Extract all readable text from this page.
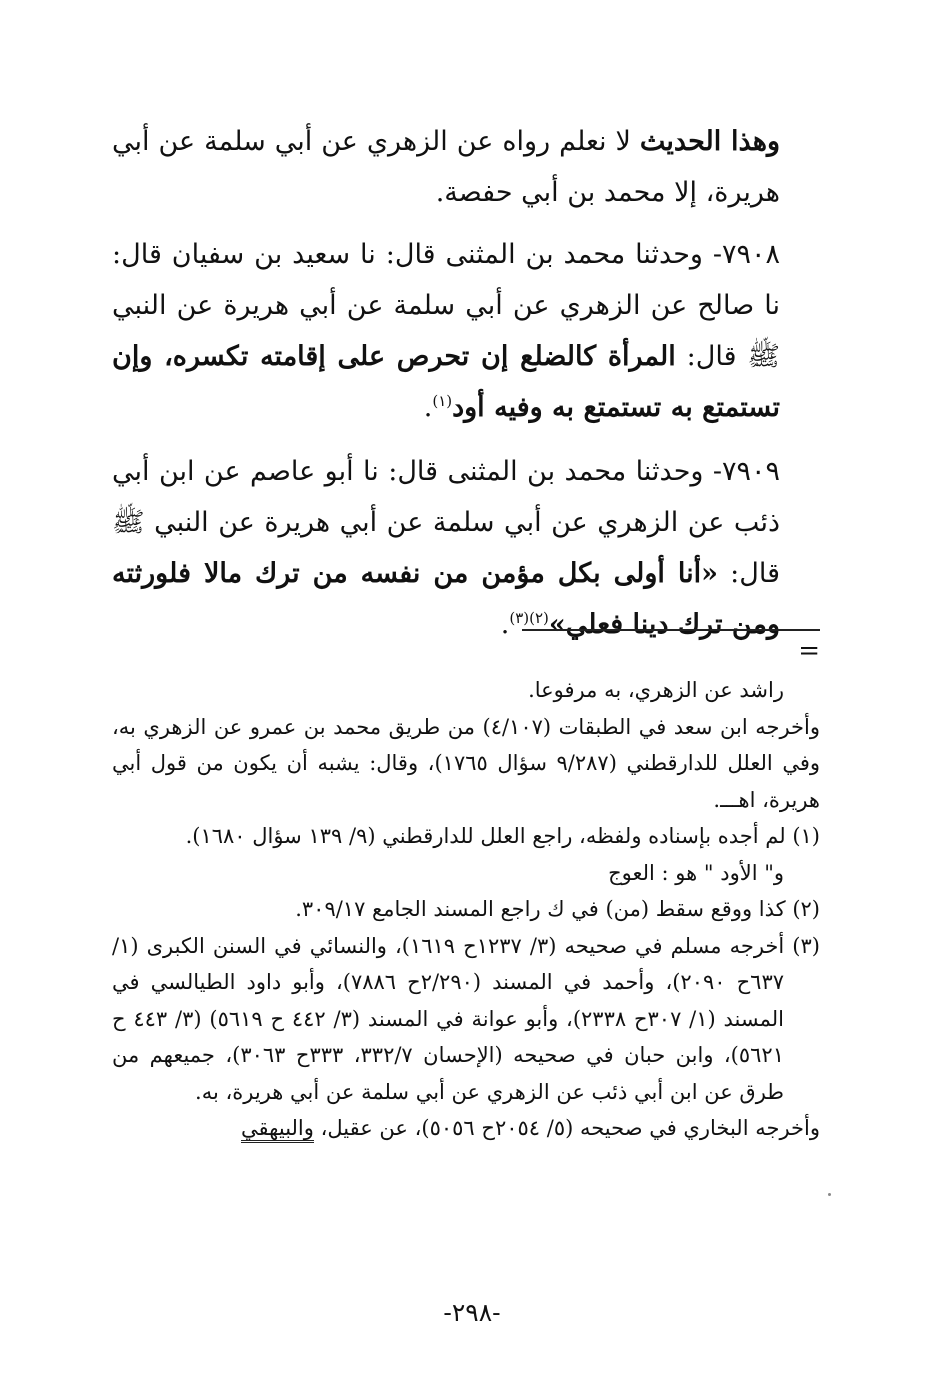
وهذا الحديث لا نعلم رواه عن الزهري عن أبي سلمة عن أبي هريرة، إلا محمد بن أبي حفصة.

٧٩٠٨- وحدثنا محمد بن المثنى قال: نا سعيد بن سفيان قال: نا صالح عن الزهري عن أبي سلمة عن أبي هريرة عن النبي ﷺ قال: المرأة كالضلع إن تحرص على إقامته تكسره، وإن تستمتع به تستمتع به وفيه أود$^{(١)}$.

٧٩٠٩- وحدثنا محمد بن المثنى قال: نا أبو عاصم عن ابن أبي ذئب عن الزهري عن أبي سلمة عن أبي هريرة عن النبي ﷺ قال: «أنا أولى بكل مؤمن من نفسه من ترك مالا فلورثته ومن ترك دينا فعلي»$^{(٢)(٣)}$.

=

راشد عن الزهري، به مرفوعا.

وأخرجه ابن سعد في الطبقات (٤/١٠٧) من طريق محمد بن عمرو عن الزهري به، وفي العلل للدارقطني (٩/٢٨٧ سؤال ١٧٦٥)، وقال: يشبه أن يكون من قول أبي هريرة، اهـــ.

(١) لم أجده بإسناده ولفظه، راجع العلل للدارقطني (٩/ ١٣٩ سؤال ١٦٨٠).

و" الأود " هو : العوج

(٢) كذا ووقع سقط (من) في ك راجع المسند الجامع ٣٠٩/١٧.

(٣) أخرجه مسلم في صحيحه (٣/ ١٢٣٧ح ١٦١٩)، والنسائي في السنن الكبرى (١/ ٦٣٧ح ٢٠٩٠)، وأحمد في المسند (٢/٢٩٠ح ٧٨٨٦)، وأبو داود الطيالسي في المسند (١/ ٣٠٧ح ٢٣٣٨)، وأبو عوانة في المسند (٣/ ٤٤٢ ح ٥٦١٩) (٣/ ٤٤٣ ح ٥٦٢١)، وابن حبان في صحيحه (الإحسان ٣٣٢/٧، ٣٣٣ح ٣٠٦٣)، جميعهم من طرق عن ابن أبي ذئب عن الزهري عن أبي سلمة عن أبي هريرة، به.

وأخرجه البخاري في صحيحه (٥/ ٢٠٥٤ح ٥٠٥٦)، عن عقيل، والبيهقي

-٢٩٨-
